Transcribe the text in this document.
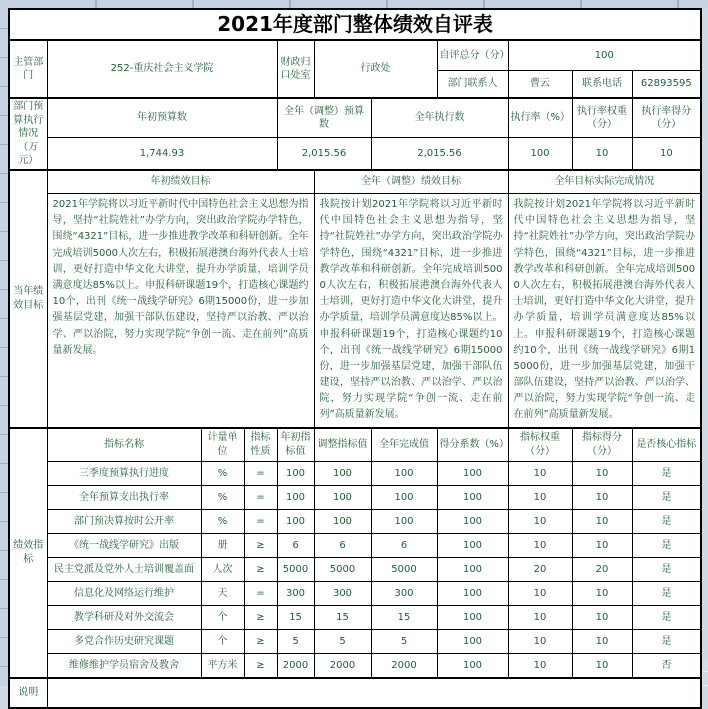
2021年度部门整体绩效自评表										
主管部门	252-重庆社会主义学院			财政归口处室	行政处		自评总分（分）	100		
							部门联系人	曹云	联系电话	62893595
部门预算执行情况（万元）	年初预算数			全年（调整）预算数		全年执行数		执行率（%）	执行率权重（分）	执行率得分（分）
	1,744.93			2,015.56		2,015.56		100	10	10
当年绩效目标	年初绩效目标				全年（调整）绩效目标			全年目标实际完成情况		
2021年学院将以习近平新时代中国特色社会主义思想为指导，坚持“社院姓社”办学方向，突出政治学院办学特色，围绕“4321”目标，进一步推进教学改革和科研创新。全年完成培训5000人次左右，积极拓展港澳台海外代表人士培训，更好打造中华文化大讲堂，提升办学质量，培训学员满意度达85%以上。申报科研课题19个，打造核心课题约10个，出刊《统一战线学研究》6期15000份，进一步加强基层党建，加强干部队伍建设，坚持严以治教、严以治学、严以治院，努力实现学院“争创一流、走在前列”高质量新发展。	我院按计划2021年学院将以习近平新时代中国特色社会主义思想为指导，坚持“社院姓社”办学方向，突出政治学院办学特色，围绕“4321”目标，进一步推进教学改革和科研创新。全年完成培训5000人次左右，积极拓展港澳台海外代表人士培训，更好打造中华文化大讲堂，提升办学质量，培训学员满意度达85%以上。申报科研课题19个，打造核心课题约10个，出刊《统一战线学研究》6期15000份，进一步加强基层党建，加强干部队伍建设，坚持严以治教、严以治学、严以治院，努力实现学院“争创一流、走在前列”高质量新发展。	我院按计划2021年学院将以习近平新时代中国特色社会主义思想为指导，坚持“社院姓社”办学方向，突出政治学院办学特色，围绕“4321”目标，进一步推进教学改革和科研创新。全年完成培训5000人次左右，积极拓展港澳台海外代表人士培训，更好打造中华文化大讲堂，提升办学质量，培训学员满意度达85%以上。申报科研课题19个，打造核心课题约10个，出刊《统一战线学研究》6期15000份，进一步加强基层党建，加强干部队伍建设，坚持严以治教、严以治学、严以治院，努力实现学院“争创一流、走在前列”高质量新发展。
绩效指标	指标名称	计量单位	指标性质	年初指标值	调整指标值	全年完成值	得分系数（%）	指标权重（分）	指标得分（分）	是否核心指标
	三季度预算执行进度	%	=	100	100	100	100	10	10	是
	全年预算支出执行率	%	=	100	100	100	100	10	10	是
	部门预决算按时公开率	%	=	100	100	100	100	10	10	是
	《统一战线学研究》出版	册	≥	6	6	6	100	10	10	是
	民主党派及党外人士培训覆盖面	人次	≥	5000	5000	5000	100	20	20	是
	信息化及网络运行维护	天	=	300	300	300	100	10	10	是
	教学科研及对外交流会	个	≥	15	15	15	100	10	10	是
	多党合作历史研究课题	个	≥	5	5	5	100	10	10	是
	维修维护学员宿舍及教舍	平方米	≥	2000	2000	2000	100	10	10	否
说明										
